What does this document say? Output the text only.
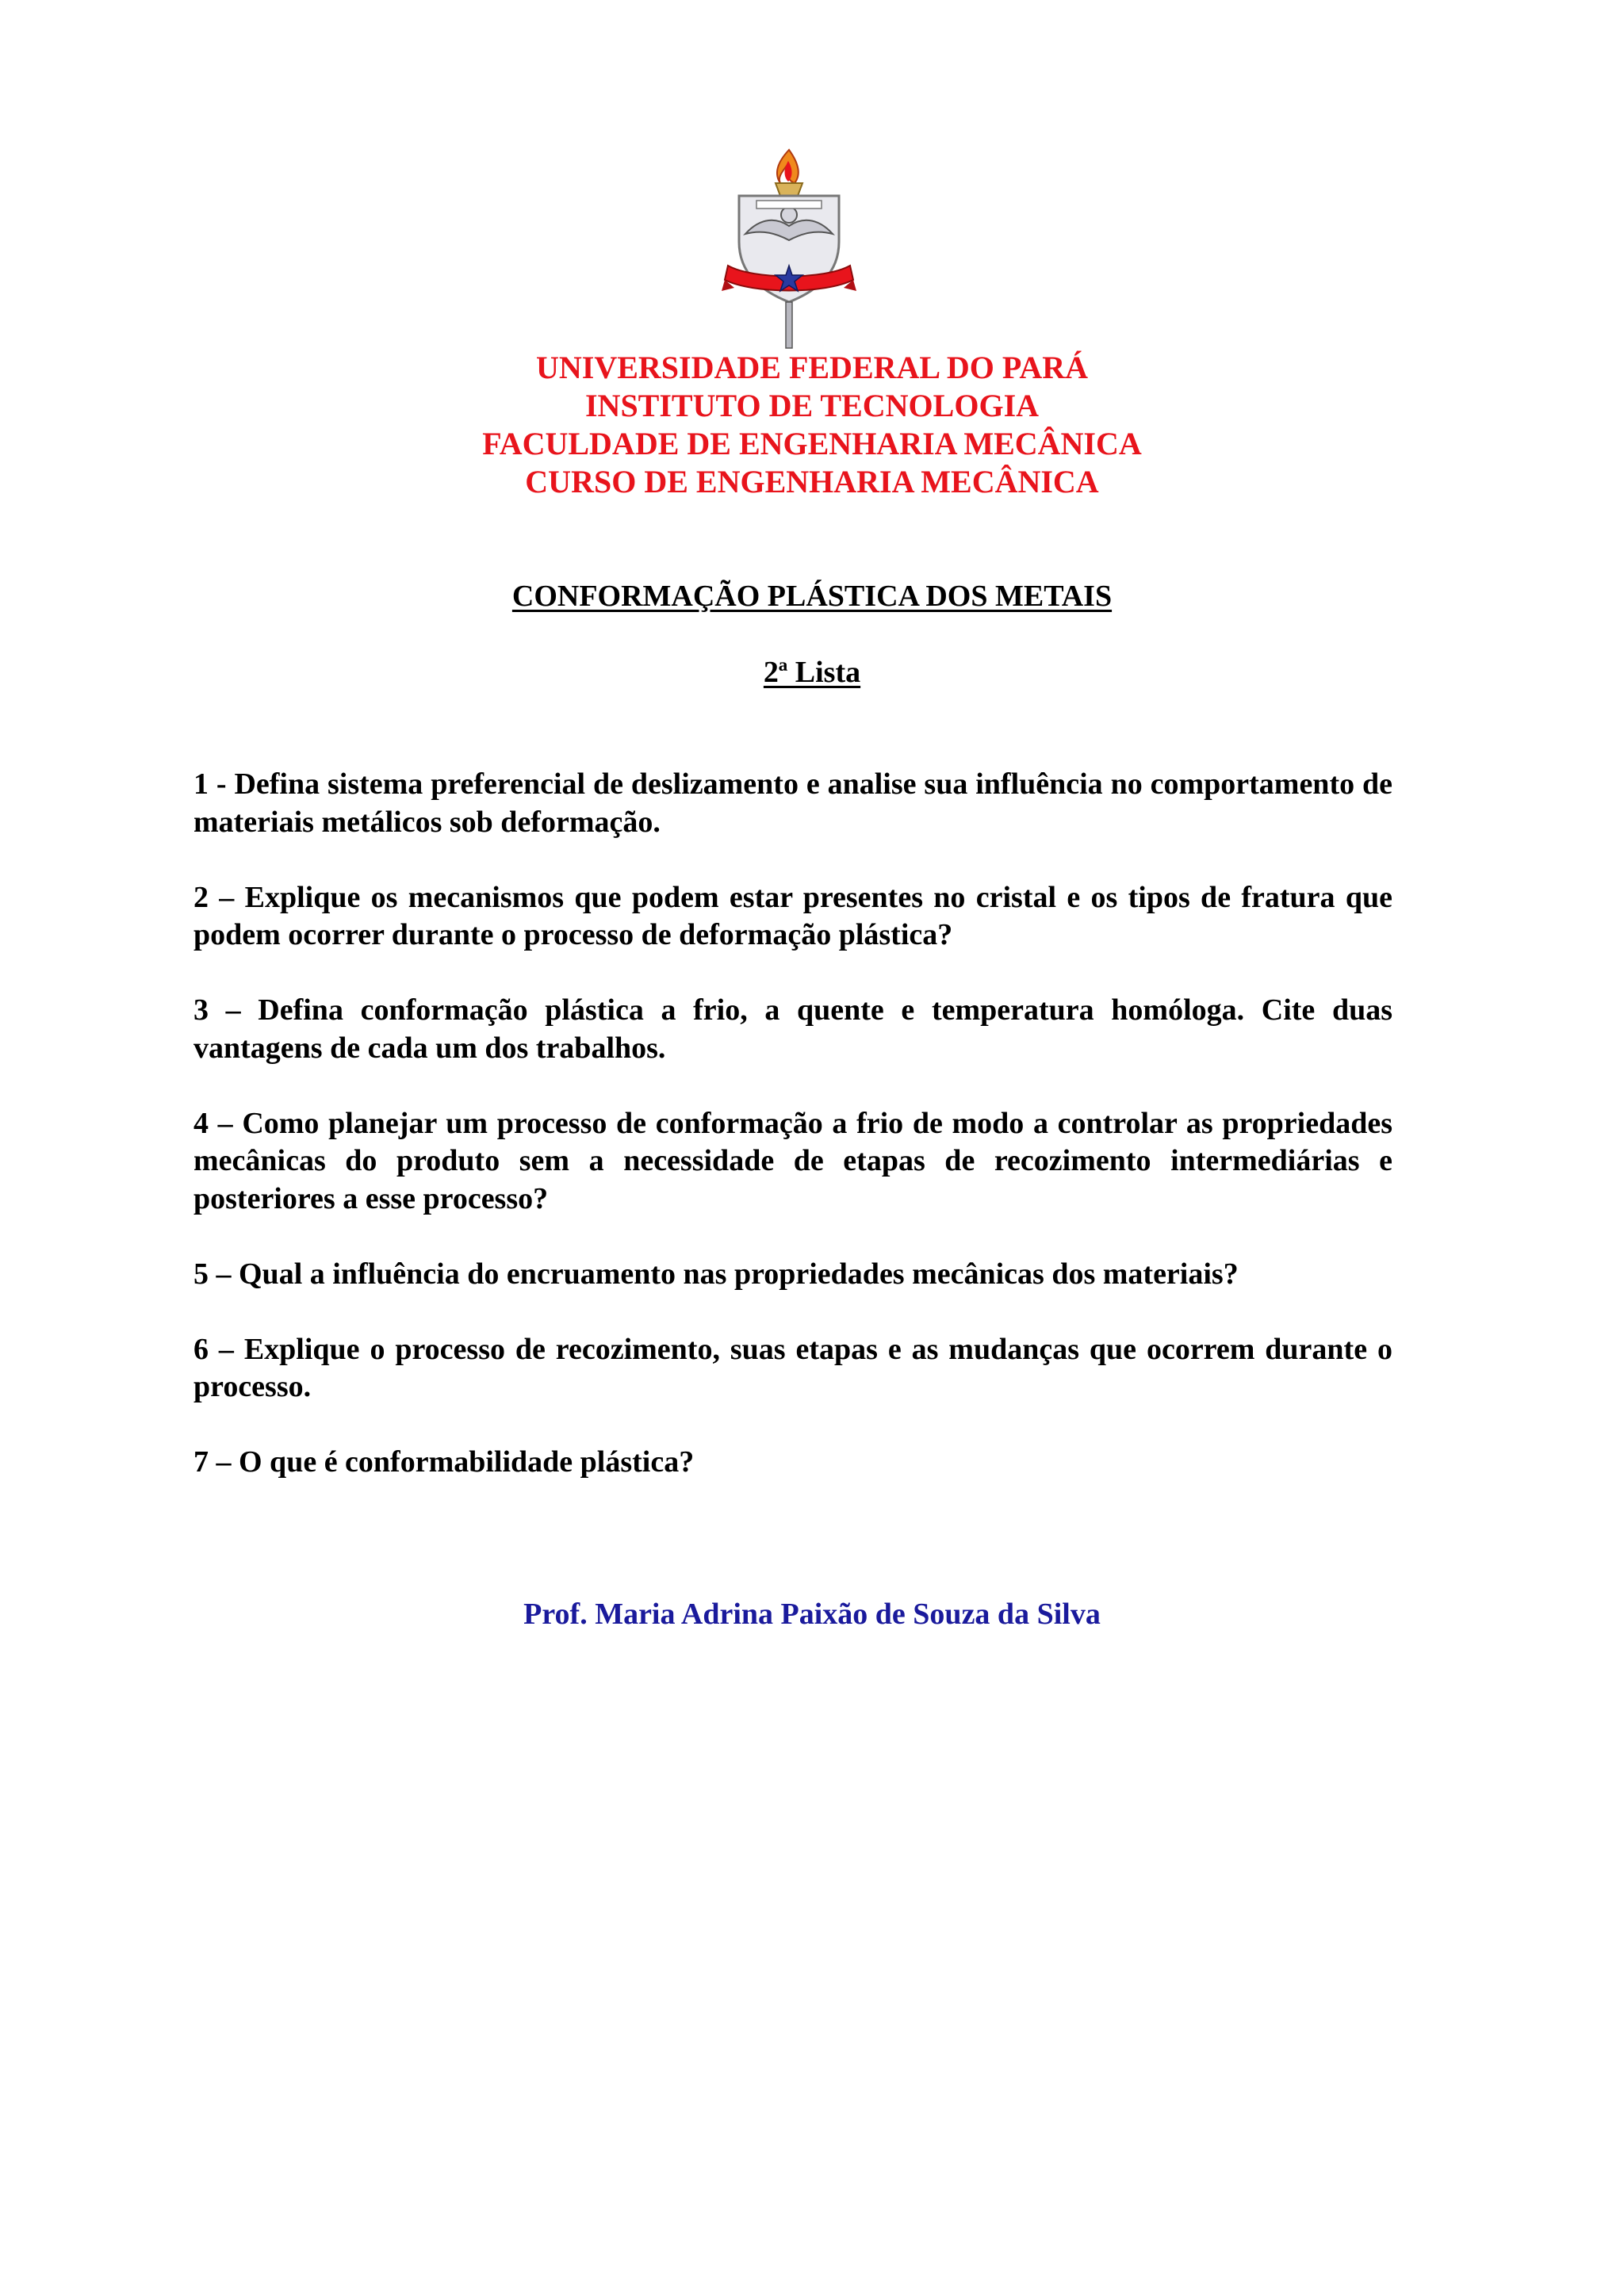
UNIVERSIDADE FEDERAL DO PARÁ
INSTITUTO DE TECNOLOGIA
FACULDADE DE ENGENHARIA MECÂNICA
CURSO DE ENGENHARIA MECÂNICA
CONFORMAÇÃO PLÁSTICA DOS METAIS
2ª Lista

1 - Defina sistema preferencial de deslizamento e analise sua influência no comportamento de materiais metálicos sob deformação.

2 – Explique os mecanismos que podem estar presentes no cristal e os tipos de fratura que podem ocorrer durante o processo de deformação plástica?

3 – Defina conformação plástica a frio, a quente e temperatura homóloga. Cite duas vantagens de cada um dos trabalhos.

4 – Como planejar um processo de conformação a frio de modo a controlar as propriedades mecânicas do produto sem a necessidade de etapas de recozimento intermediárias e posteriores a esse processo?

5 – Qual a influência do encruamento nas propriedades mecânicas dos materiais?

6 – Explique o processo de recozimento, suas etapas e as mudanças que ocorrem durante o processo.

7 – O que é conformabilidade plástica?

Prof. Maria Adrina Paixão de Souza da Silva
